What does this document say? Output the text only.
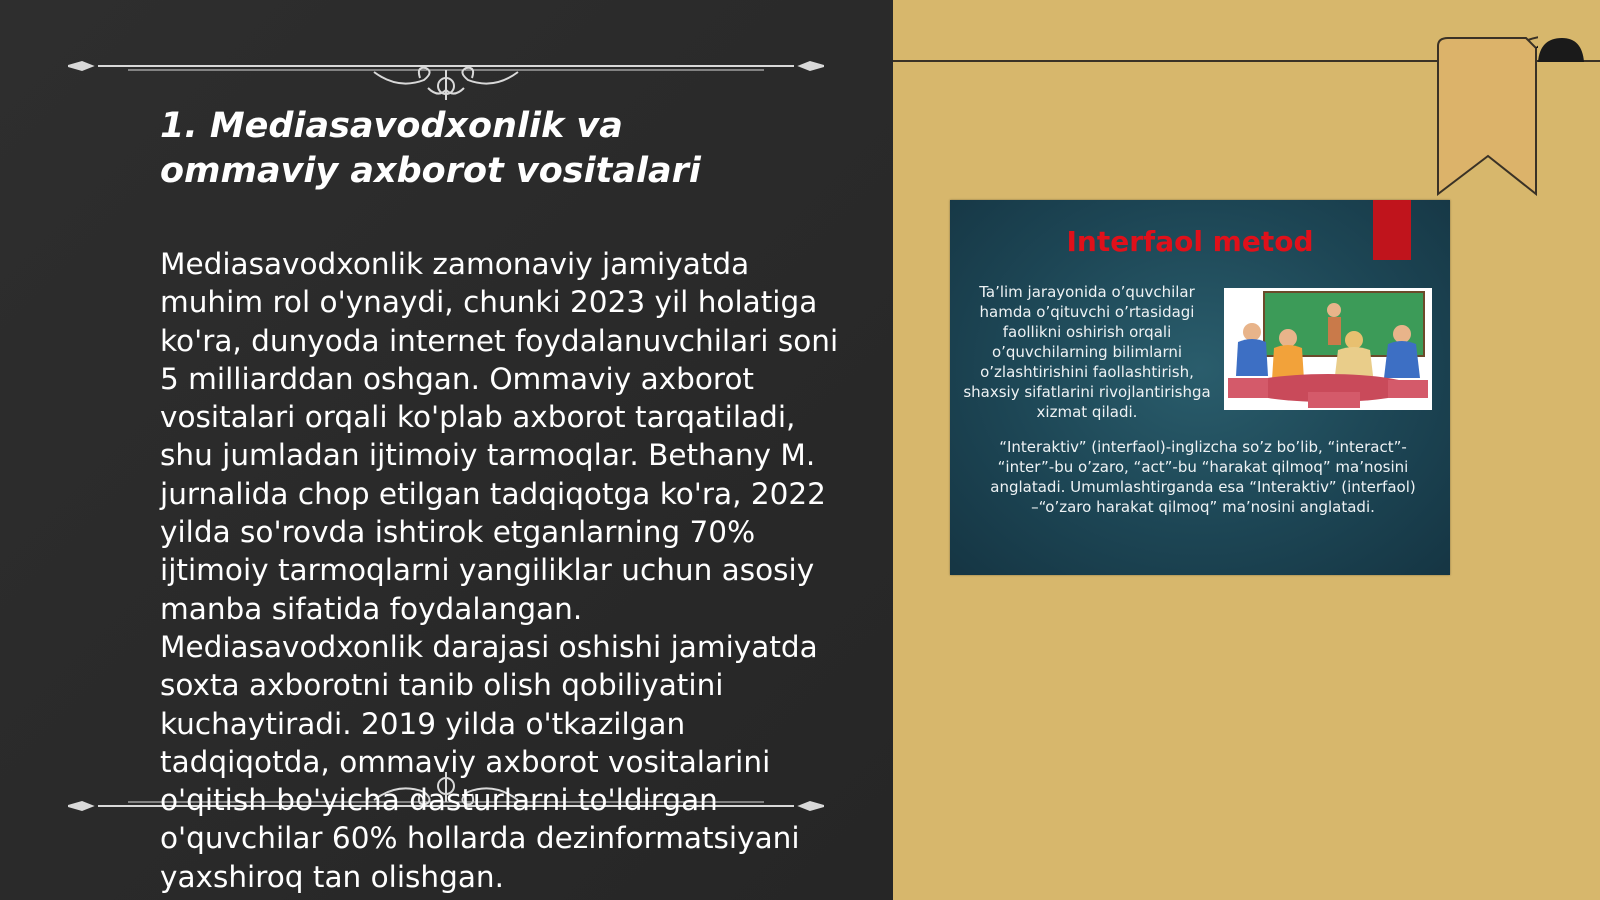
1. Mediasavodxonlik va ommaviy axborot vositalari

Mediasavodxonlik zamonaviy jamiyatda muhim rol o'ynaydi, chunki 2023 yil holatiga ko'ra, dunyoda internet foydalanuvchilari soni 5 milliarddan oshgan. Ommaviy axborot vositalari orqali ko'plab axborot tarqatiladi, shu jumladan ijtimoiy tarmoqlar. Bethany M. jurnalida chop etilgan tadqiqotga ko'ra, 2022 yilda so'rovda ishtirok etganlarning 70% ijtimoiy tarmoqlarni yangiliklar uchun asosiy manba sifatida foydalangan. Mediasavodxonlik darajasi oshishi jamiyatda soxta axborotni tanib olish qobiliyatini kuchaytiradi. 2019 yilda o'tkazilgan tadqiqotda, ommaviy axborot vositalarini o'qitish bo'yicha dasturlarni to'ldirgan o'quvchilar 60% hollarda dezinformatsiyani yaxshiroq tan olishgan.

Interfaol metod

Ta’lim jarayonida o’quvchilar hamda o’qituvchi o’rtasidagi faollikni oshirish orqali o’quvchilarning bilimlarni o’zlashtirishini faollashtirish, shaxsiy sifatlarini rivojlantirishga xizmat qiladi.

“Interaktiv” (interfaol)-inglizcha so’z bo’lib, “interact”- “inter”-bu o’zaro, “act”-bu “harakat qilmoq” ma’nosini anglatadi. Umumlashtirganda esa “Interaktiv” (interfaol) –“o’zaro harakat qilmoq” ma’nosini anglatadi.
